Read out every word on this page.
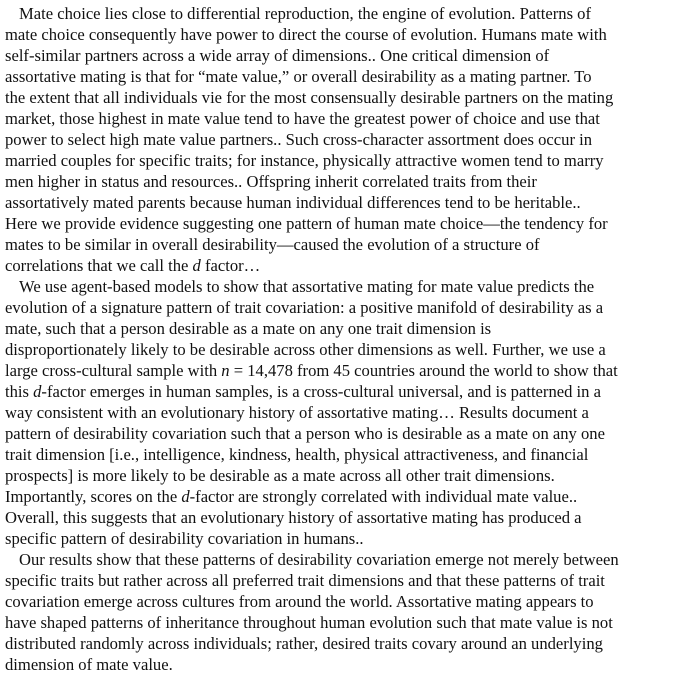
Mate choice lies close to differential reproduction, the engine of evolution. Patterns of
mate choice consequently have power to direct the course of evolution. Humans mate with
self-similar partners across a wide array of dimensions.. One critical dimension of
assortative mating is that for “mate value,” or overall desirability as a mating partner. To
the extent that all individuals vie for the most consensually desirable partners on the mating
market, those highest in mate value tend to have the greatest power of choice and use that
power to select high mate value partners.. Such cross-character assortment does occur in
married couples for specific traits; for instance, physically attractive women tend to marry
men higher in status and resources.. Offspring inherit correlated traits from their
assortatively mated parents because human individual differences tend to be heritable..
Here we provide evidence suggesting one pattern of human mate choice—the tendency for
mates to be similar in overall desirability—caused the evolution of a structure of
correlations that we call the d factor…

We use agent-based models to show that assortative mating for mate value predicts the
evolution of a signature pattern of trait covariation: a positive manifold of desirability as a
mate, such that a person desirable as a mate on any one trait dimension is
disproportionately likely to be desirable across other dimensions as well. Further, we use a
large cross-cultural sample with n = 14,478 from 45 countries around the world to show that
this d-factor emerges in human samples, is a cross-cultural universal, and is patterned in a
way consistent with an evolutionary history of assortative mating… Results document a
pattern of desirability covariation such that a person who is desirable as a mate on any one
trait dimension [i.e., intelligence, kindness, health, physical attractiveness, and financial
prospects] is more likely to be desirable as a mate across all other trait dimensions.
Importantly, scores on the d-factor are strongly correlated with individual mate value..
Overall, this suggests that an evolutionary history of assortative mating has produced a
specific pattern of desirability covariation in humans..

Our results show that these patterns of desirability covariation emerge not merely between
specific traits but rather across all preferred trait dimensions and that these patterns of trait
covariation emerge across cultures from around the world. Assortative mating appears to
have shaped patterns of inheritance throughout human evolution such that mate value is not
distributed randomly across individuals; rather, desired traits covary around an underlying
dimension of mate value.
